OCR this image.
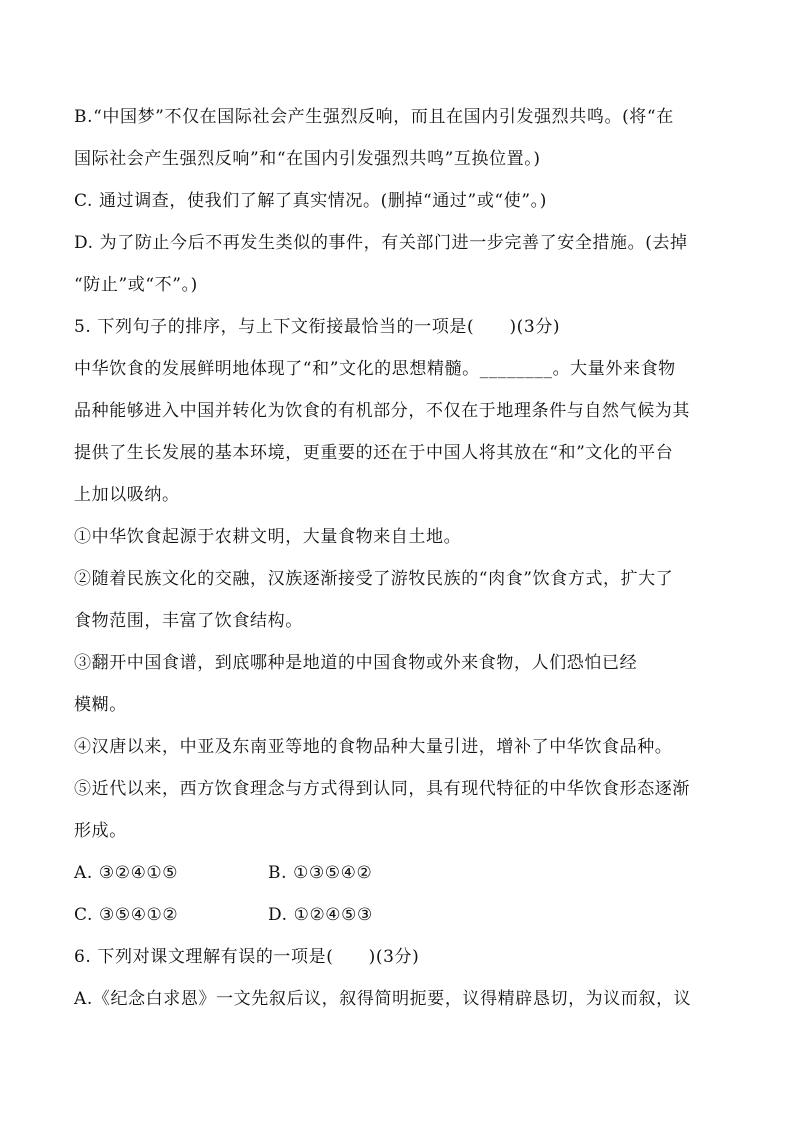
B.“中国梦”不仅在国际社会产生强烈反响，而且在国内引发强烈共鸣。(将“在
国际社会产生强烈反响”和“在国内引发强烈共鸣”互换位置。)
C. 通过调查，使我们了解了真实情况。(删掉“通过”或“使”。)
D. 为了防止今后不再发生类似的事件，有关部门进一步完善了安全措施。(去掉
“防止”或“不”。)
5. 下列句子的排序，与上下文衔接最恰当的一项是(　　)(3分)
中华饮食的发展鲜明地体现了“和”文化的思想精髓。________。大量外来食物
品种能够进入中国并转化为饮食的有机部分，不仅在于地理条件与自然气候为其
提供了生长发展的基本环境，更重要的还在于中国人将其放在“和”文化的平台
上加以吸纳。
①中华饮食起源于农耕文明，大量食物来自土地。
②随着民族文化的交融，汉族逐渐接受了游牧民族的“肉食”饮食方式，扩大了
食物范围，丰富了饮食结构。
③翻开中国食谱，到底哪种是地道的中国食物或外来食物，人们恐怕已经
模糊。
④汉唐以来，中亚及东南亚等地的食物品种大量引进，增补了中华饮食品种。
⑤近代以来，西方饮食理念与方式得到认同，具有现代特征的中华饮食形态逐渐
形成。
A. ③②④①⑤	B. ①③⑤④②
C. ③⑤④①②	D. ①②④⑤③
6. 下列对课文理解有误的一项是(　　)(3分)
A.《纪念白求恩》一文先叙后议，叙得简明扼要，议得精辟恳切，为议而叙，议
